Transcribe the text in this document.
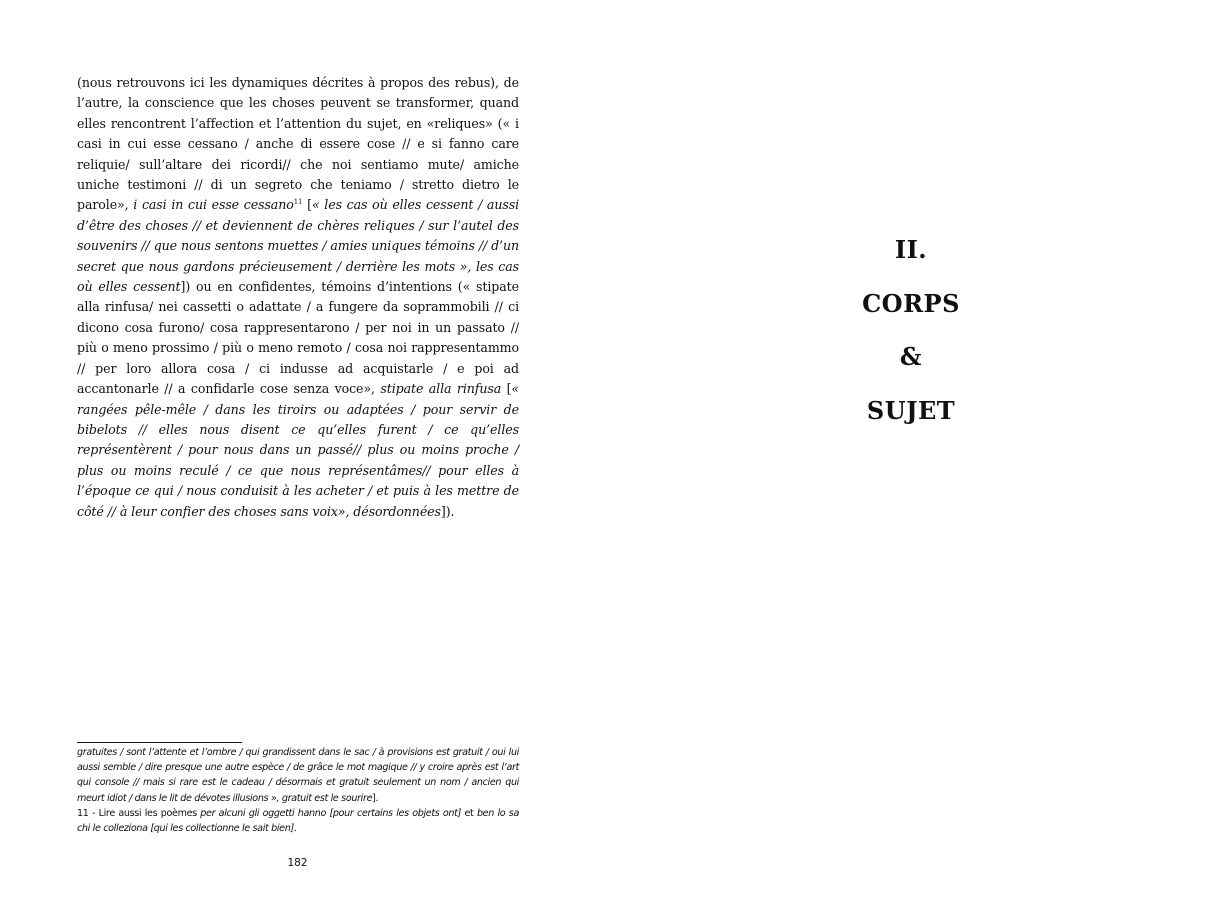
(nous retrouvons ici les dynamiques décrites à propos des rebus), de l’autre, la conscience que les choses peuvent se transformer, quand elles rencontrent l’affection et l’attention du sujet, en «reliques» (« i casi in cui esse cessano / anche di essere cose // e si fanno care reliquie/ sull’altare dei ricordi// che noi sentiamo mute/ amiche uniche testimoni // di un segreto che teniamo / stretto dietro le parole», i casi in cui esse cessano$^{11}$ [« les cas où elles cessent / aussi d’être des choses // et deviennent de chères reliques / sur l’autel des souvenirs // que nous sentons muettes / amies uniques témoins // d’un secret que nous gardons précieusement / derrière les mots », les cas où elles cessent]) ou en confidentes, témoins d’intentions (« stipate alla rinfusa/ nei cassetti o adattate / a fungere da soprammobili // ci dicono cosa furono/ cosa rappresentarono / per noi in un passato // più o meno prossimo / più o meno remoto / cosa noi rappresentammo // per loro allora cosa / ci indusse ad acquistarle / e poi ad accantonarle // a confidarle cose senza voce», stipate alla rinfusa [« rangées pêle-mêle / dans les tiroirs ou adaptées / pour servir de bibelots // elles nous disent ce qu’elles furent / ce qu’elles représentèrent / pour nous dans un passé// plus ou moins proche / plus ou moins reculé / ce que nous représentâmes// pour elles à l’époque ce qui / nous conduisit à les acheter / et puis à les mettre de côté // à leur confier des choses sans voix», désordonnées]).

gratuites / sont l’attente et l’ombre / qui grandissent dans le sac / à provisions est gratuit / oui lui aussi semble / dire presque une autre espèce / de grâce le mot magique // y croire après est l’art qui console // mais si rare est le cadeau / désormais et gratuit seulement un nom / ancien qui meurt idiot / dans le lit de dévotes illusions », gratuit est le sourire].

11 - Lire aussi les poèmes per alcuni gli oggetti hanno [pour certains les objets ont] et ben lo sa chi le colleziona [qui les collectionne le sait bien].

182
II.
CORPS
&
SUJET
